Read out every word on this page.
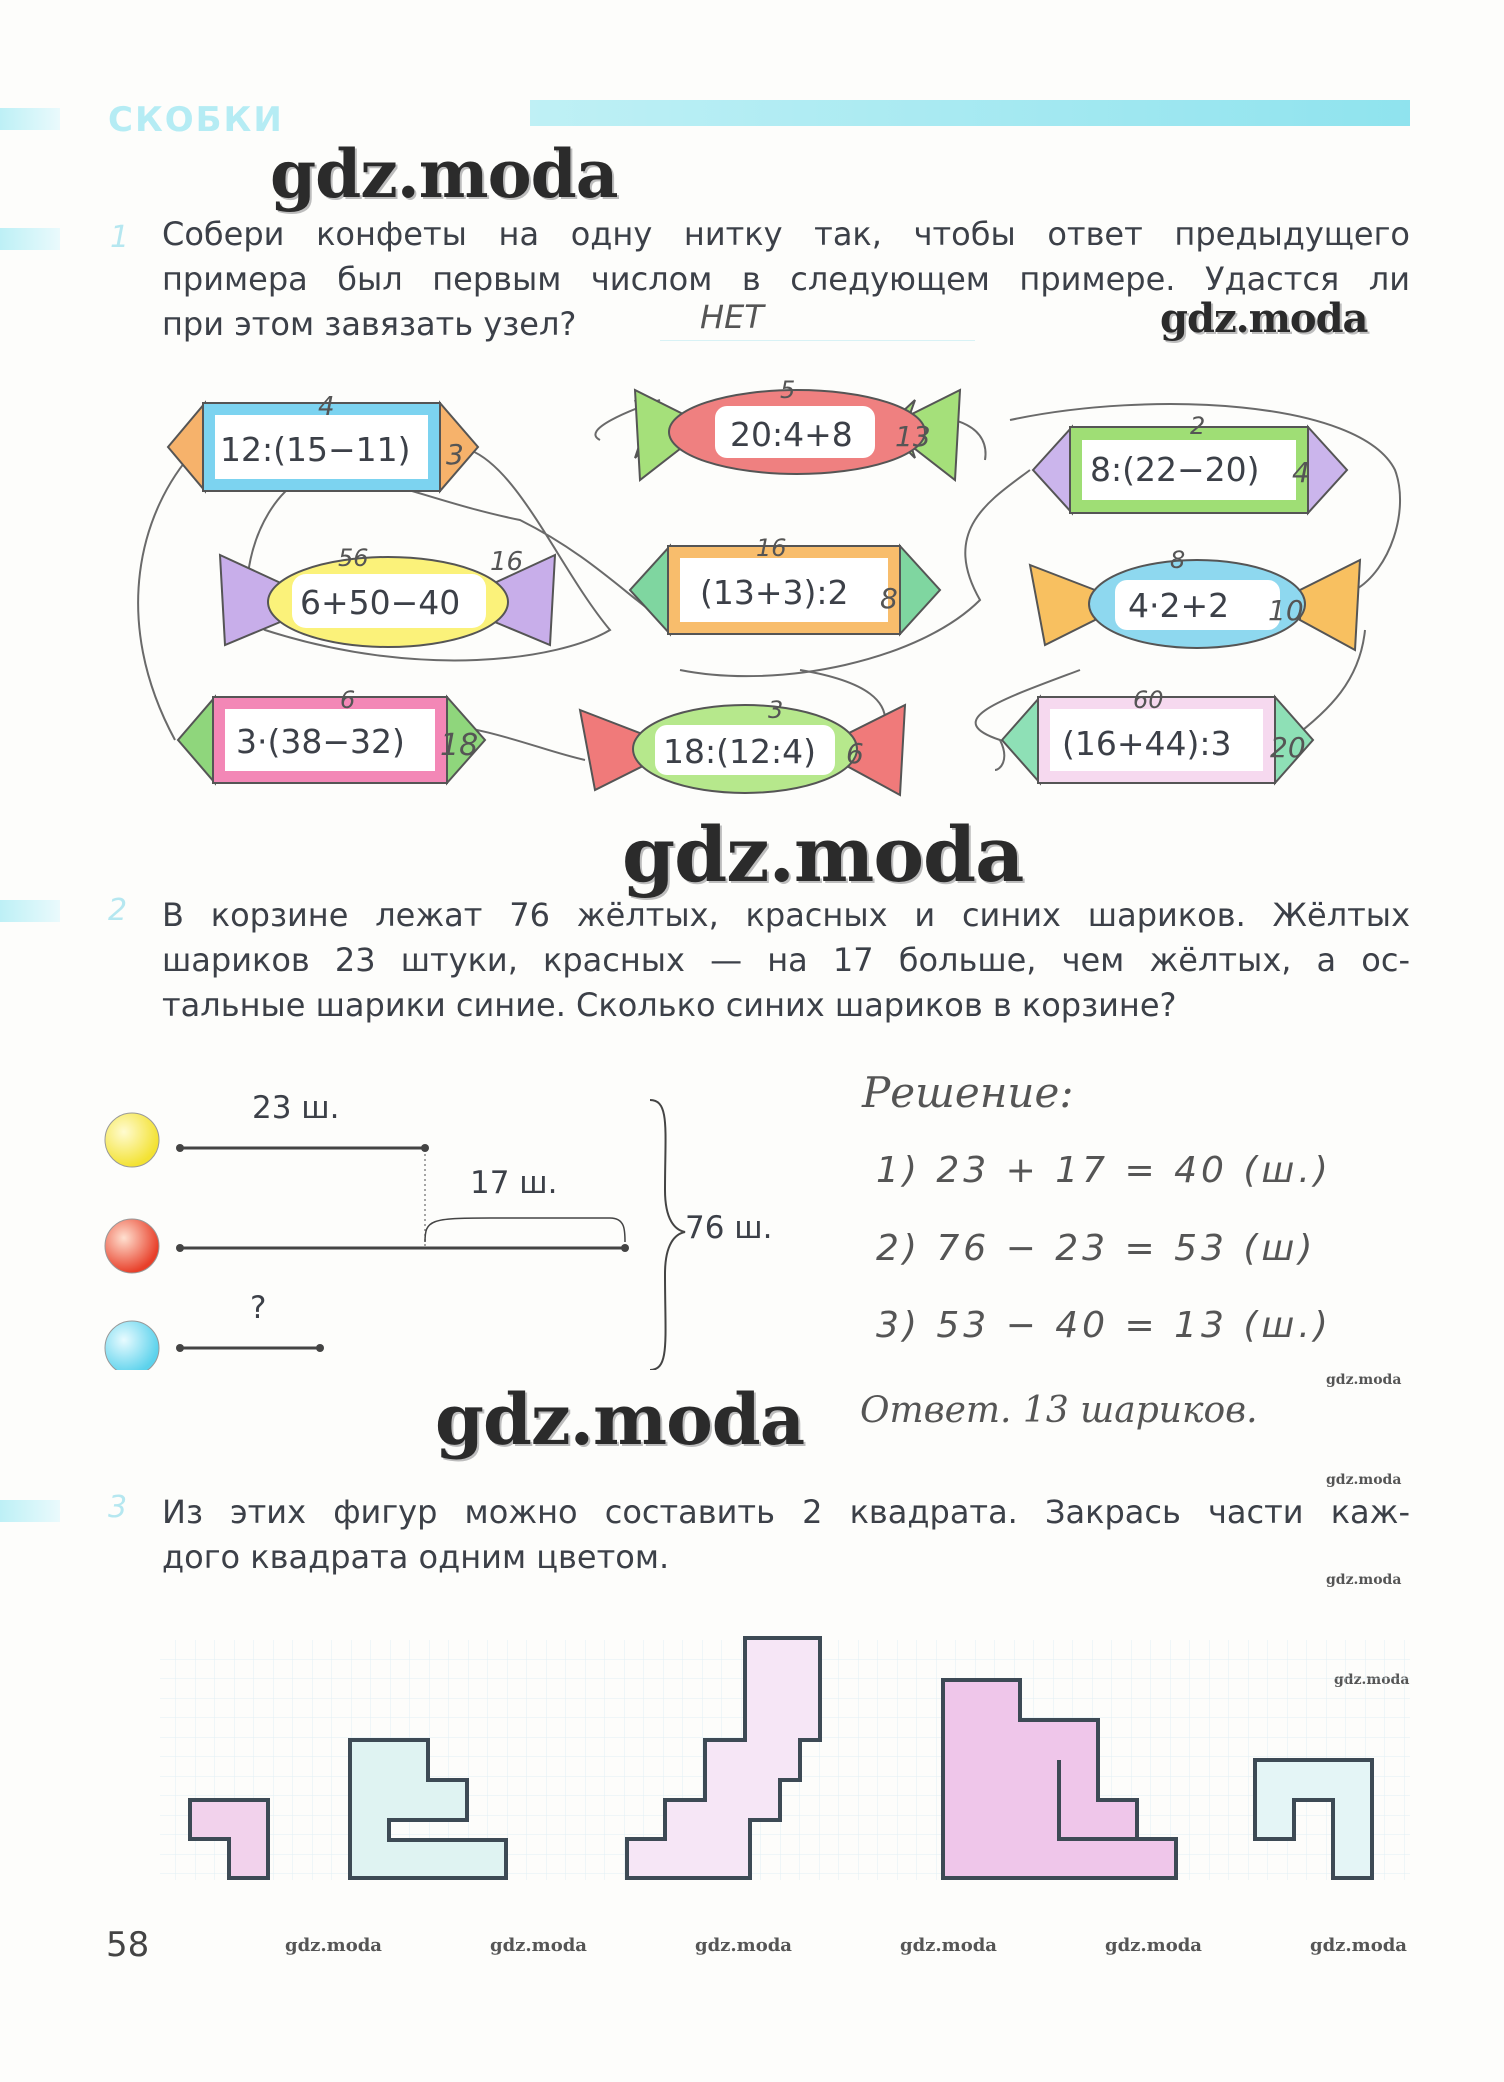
СКОБКИ
gdz.moda
1 Собери конфеты на одну нитку так, чтобы ответ предыдущего
примера был первым числом в следующем примере. Удастся ли
при этом завязать узел?	НЕТ	gdz.moda
12:(15−11)
4
3
20:4+8
5
13
8:(22−20)
2
4
6+50−40
56	16
(13+3):2
16
8	4·2+2
8
10
3·(38−32)
6
18	18:(12:4)
3
6	(16+44):3
60
20
gdz.moda
2 В корзине лежат 76 жёлтых, красных и синих шариков. Жёлтых
шариков 23 штуки, красных — на 17 больше, чем жёлтых, а ос-
тальные шарики синие. Сколько синих шариков в корзине?
23 ш.
17 ш.
?
76 ш.
Решение:
1) 23 + 17 = 40 (ш.)
2) 76 − 23 = 53 (ш)
3) 53 − 40 = 13 (ш.)
Ответ. 13 шариков.
gdz.moda	gdz.moda
gdz.moda
3 Из этих фигур можно составить 2 квадрата. Закрась части каж-
дого квадрата одним цветом.
gdz.moda
58	gdz.moda	gdz.moda	gdz.moda	gdz.moda	gdz.moda	gdz.moda
